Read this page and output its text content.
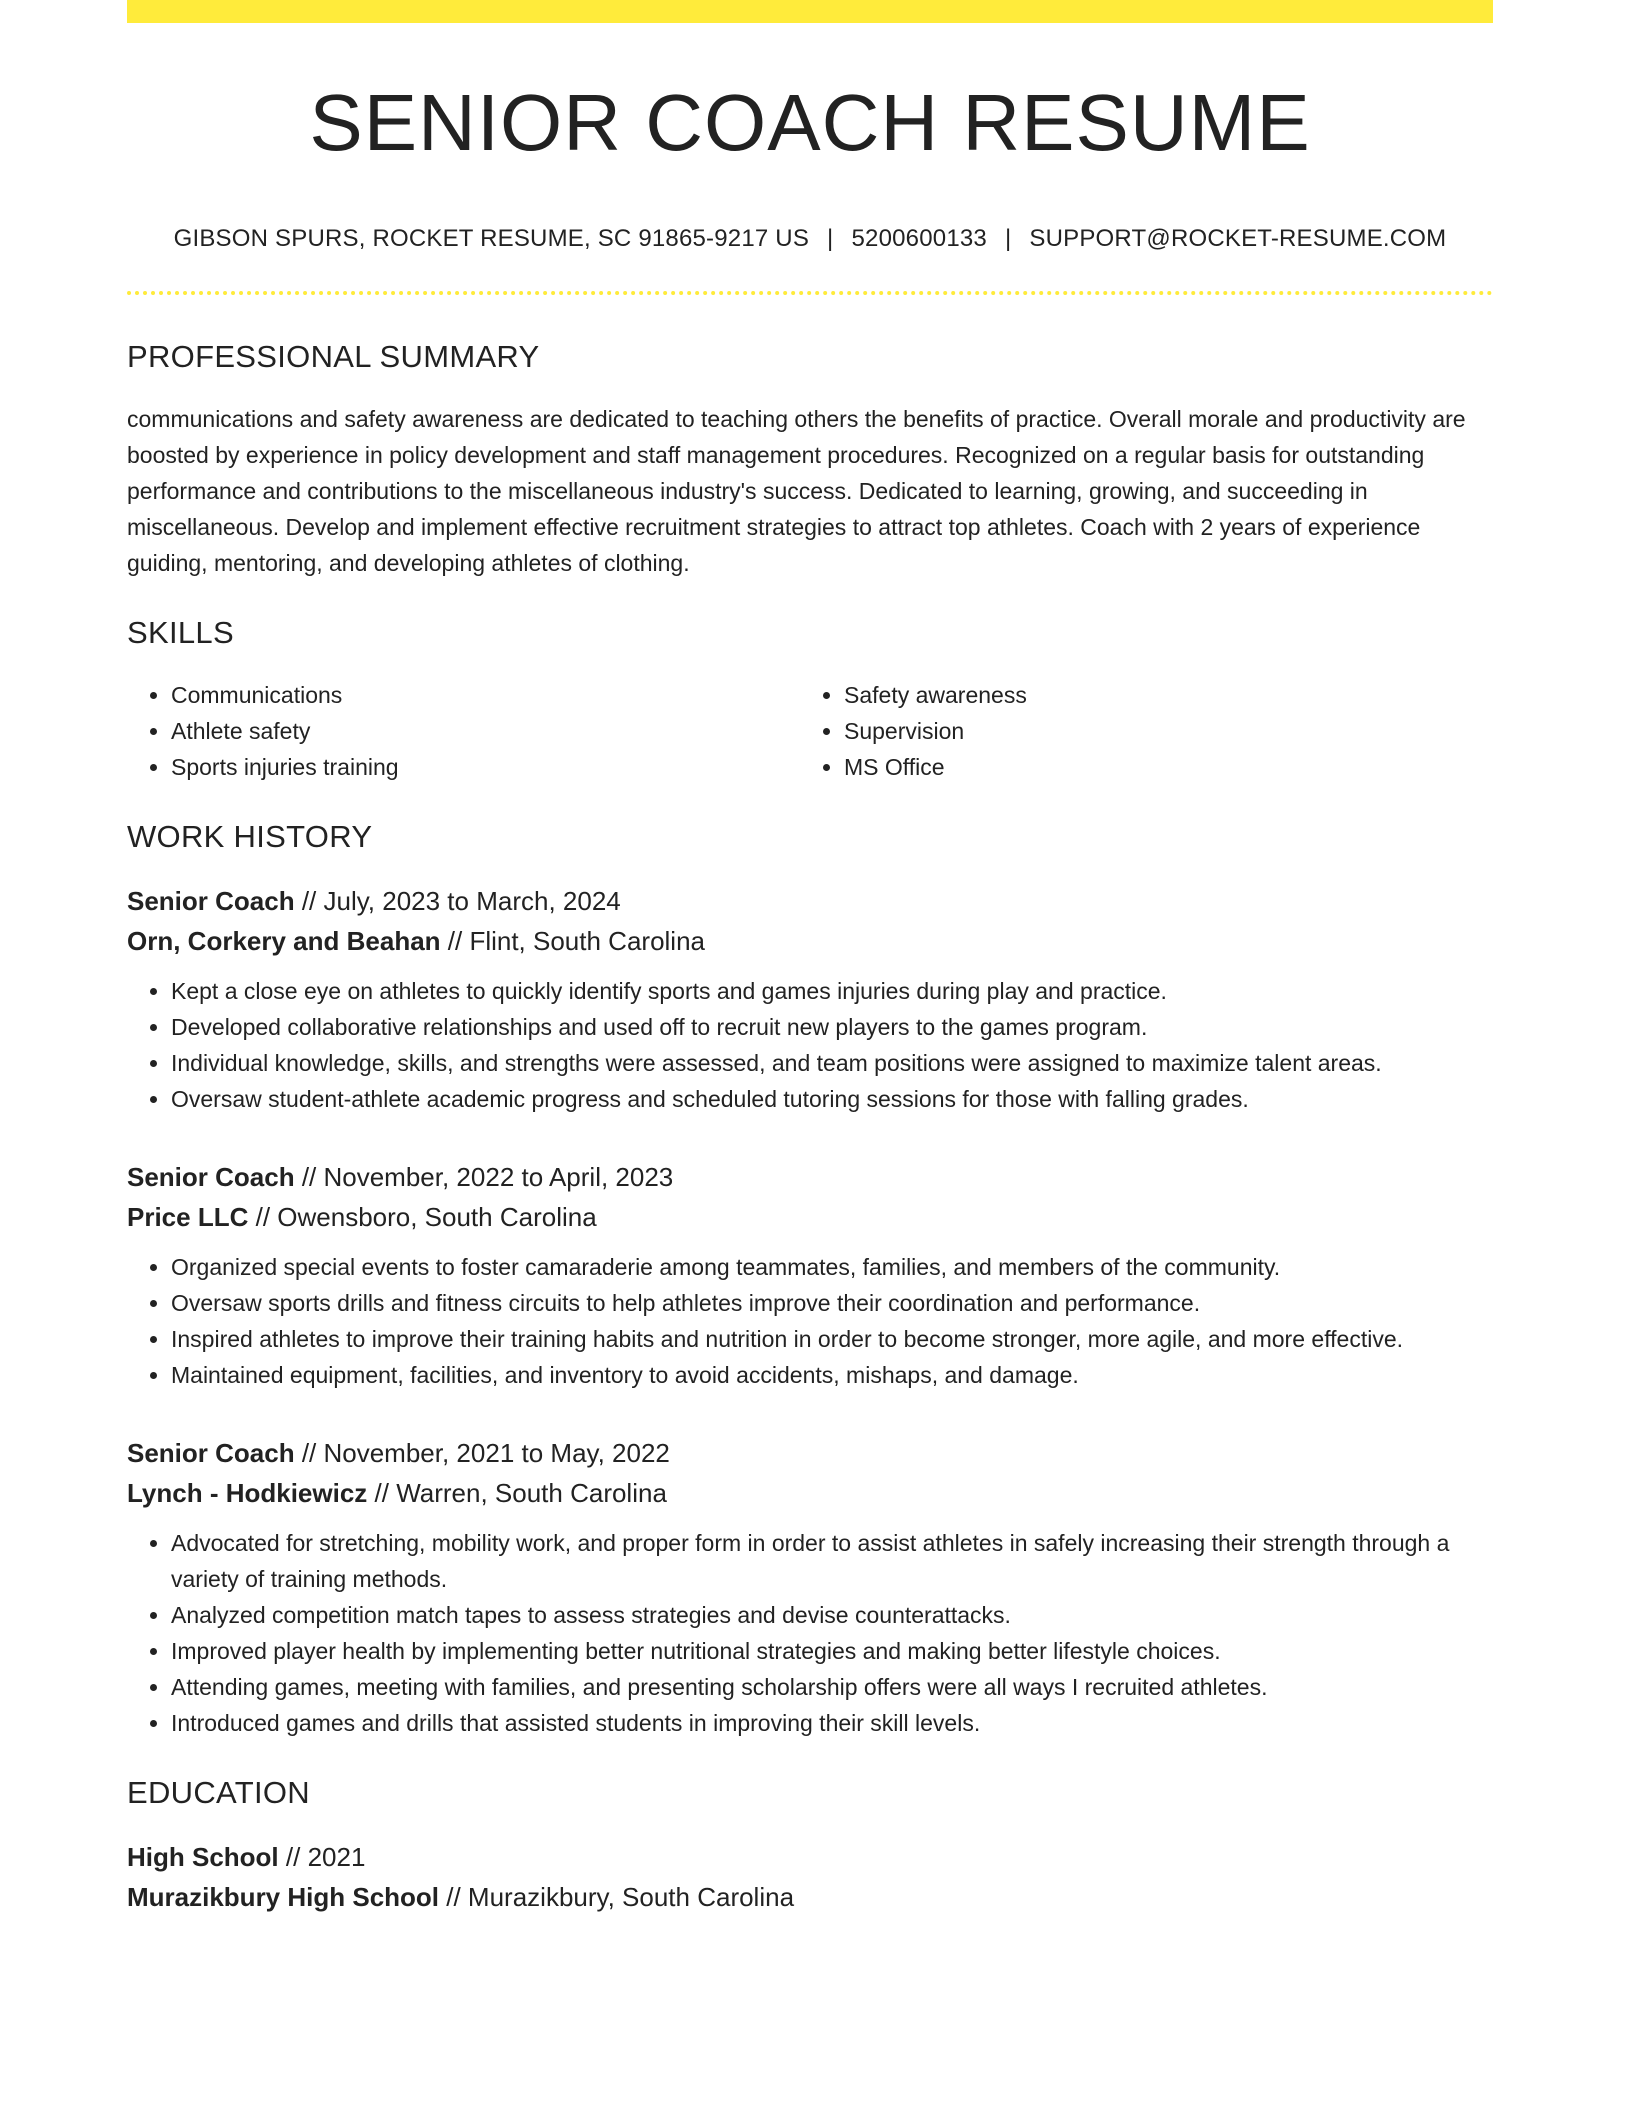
SENIOR COACH RESUME
GIBSON SPURS, ROCKET RESUME, SC 91865-9217 US | 5200600133 | SUPPORT@ROCKET-RESUME.COM
PROFESSIONAL SUMMARY

communications and safety awareness are dedicated to teaching others the benefits of practice. Overall morale and productivity are boosted by experience in policy development and staff management procedures. Recognized on a regular basis for outstanding performance and contributions to the miscellaneous industry's success. Dedicated to learning, growing, and succeeding in miscellaneous. Develop and implement effective recruitment strategies to attract top athletes. Coach with 2 years of experience guiding, mentoring, and developing athletes of clothing.

SKILLS
• Communications
• Athlete safety
• Sports injuries training
• Safety awareness
• Supervision
• MS Office
WORK HISTORY
Senior Coach // July, 2023 to March, 2024
Orn, Corkery and Beahan // Flint, South Carolina
• Kept a close eye on athletes to quickly identify sports and games injuries during play and practice.
• Developed collaborative relationships and used off to recruit new players to the games program.
• Individual knowledge, skills, and strengths were assessed, and team positions were assigned to maximize talent areas.
• Oversaw student-athlete academic progress and scheduled tutoring sessions for those with falling grades.
Senior Coach // November, 2022 to April, 2023
Price LLC // Owensboro, South Carolina
• Organized special events to foster camaraderie among teammates, families, and members of the community.
• Oversaw sports drills and fitness circuits to help athletes improve their coordination and performance.
• Inspired athletes to improve their training habits and nutrition in order to become stronger, more agile, and more effective.
• Maintained equipment, facilities, and inventory to avoid accidents, mishaps, and damage.
Senior Coach // November, 2021 to May, 2022
Lynch - Hodkiewicz // Warren, South Carolina
• Advocated for stretching, mobility work, and proper form in order to assist athletes in safely increasing their strength through a variety of training methods.
• Analyzed competition match tapes to assess strategies and devise counterattacks.
• Improved player health by implementing better nutritional strategies and making better lifestyle choices.
• Attending games, meeting with families, and presenting scholarship offers were all ways I recruited athletes.
• Introduced games and drills that assisted students in improving their skill levels.
EDUCATION
High School // 2021
Murazikbury High School // Murazikbury, South Carolina
